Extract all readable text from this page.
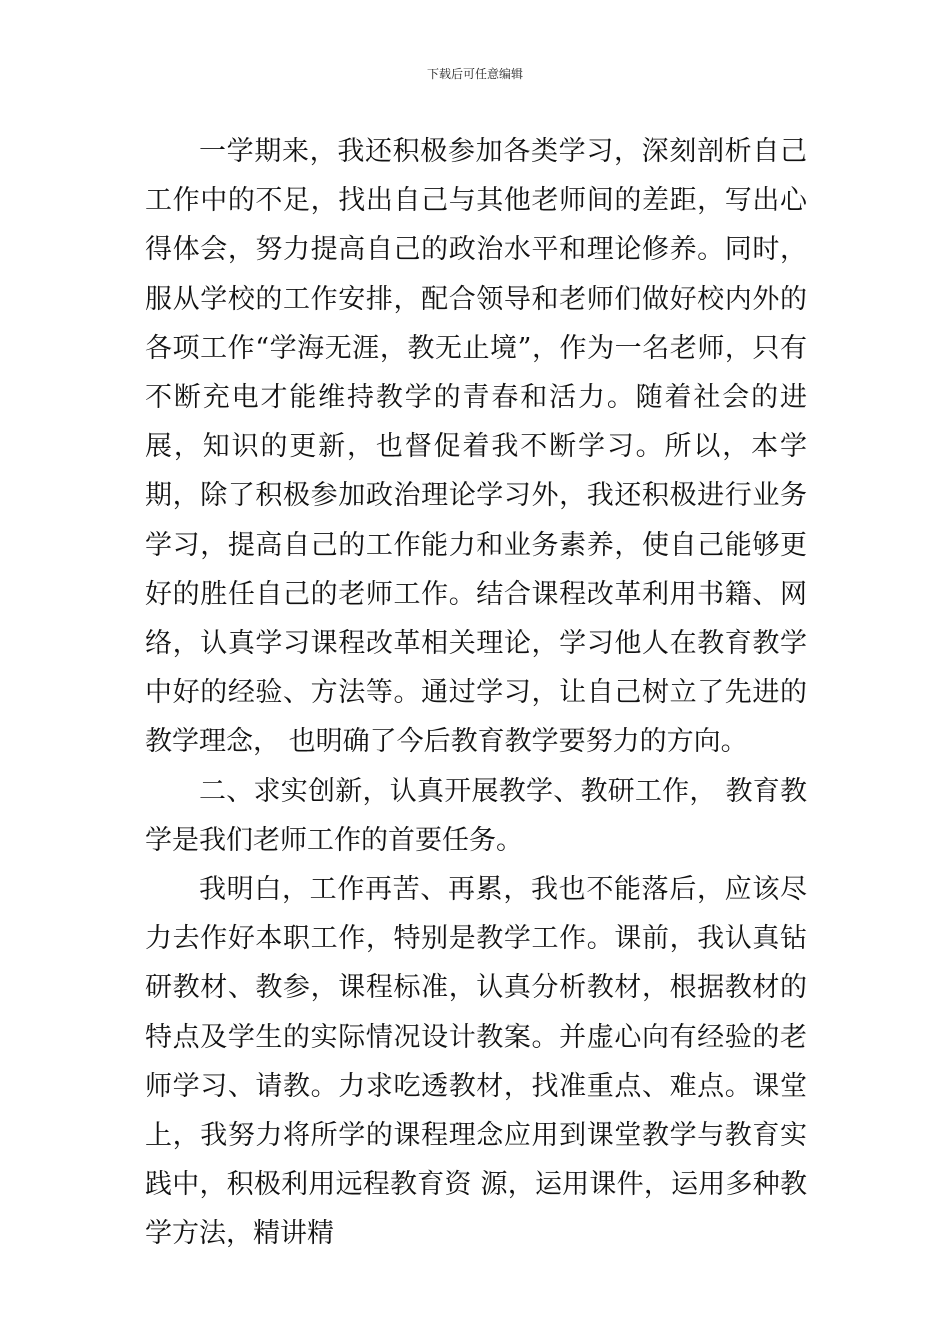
下载后可任意编辑

一学期来，我还积极参加各类学习，深刻剖析自己工作中的不足，找出自己与其他老师间的差距，写出心得体会，努力提高自己的政治水平和理论修养。同时，服从学校的工作安排，配合领导和老师们做好校内外的各项工作“学海无涯，教无止境”，作为一名老师，只有不断充电才能维持教学的青春和活力。随着社会的进展，知识的更新，也督促着我不断学习。所以，本学期，除了积极参加政治理论学习外，我还积极进行业务学习，提高自己的工作能力和业务素养，使自己能够更好的胜任自己的老师工作。结合课程改革利用书籍、网络，认真学习课程改革相关理论，学习他人在教育教学中好的经验、方法等。通过学习，让自己树立了先进的教学理念， 也明确了今后教育教学要努力的方向。

二、求实创新，认真开展教学、教研工作， 教育教学是我们老师工作的首要任务。

我明白，工作再苦、再累，我也不能落后，应该尽力去作好本职工作，特别是教学工作。课前，我认真钻研教材、教参，课程标准，认真分析教材，根据教材的特点及学生的实际情况设计教案。并虚心向有经验的老师学习、请教。力求吃透教材，找准重点、难点。课堂上，我努力将所学的课程理念应用到课堂教学与教育实践中，积极利用远程教育资 源，运用课件，运用多种教学方法，精讲精
